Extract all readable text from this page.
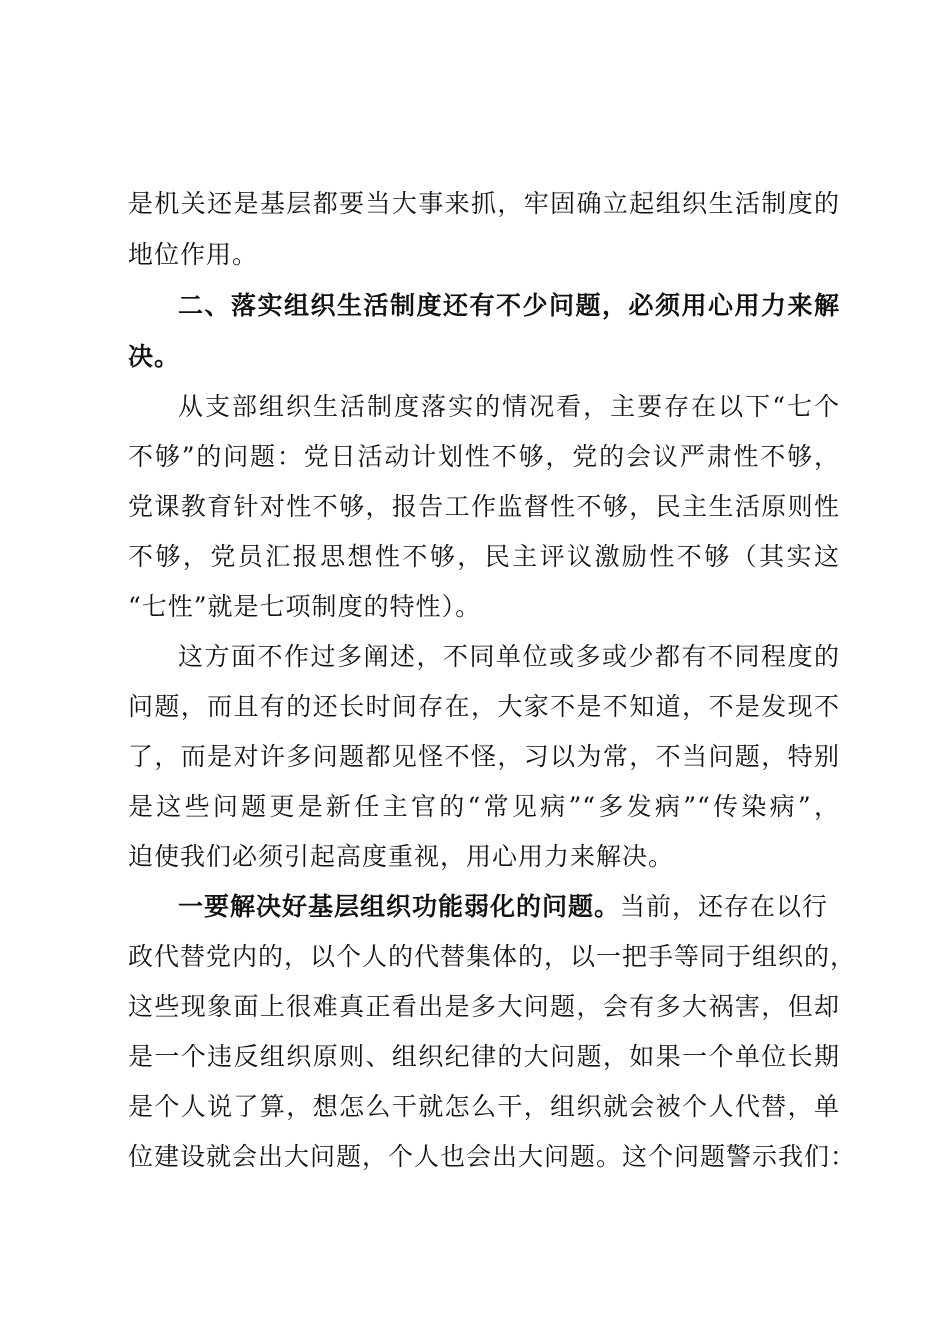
是机关还是基层都要当大事来抓，牢固确立起组织生活制度的
地位作用。
二、落实组织生活制度还有不少问题，必须用心用力来解
决。
从支部组织生活制度落实的情况看，主要存在以下“七个
不够”的问题：党日活动计划性不够，党的会议严肃性不够，
党课教育针对性不够，报告工作监督性不够，民主生活原则性
不够，党员汇报思想性不够，民主评议激励性不够（其实这
“七性”就是七项制度的特性）。
这方面不作过多阐述，不同单位或多或少都有不同程度的
问题，而且有的还长时间存在，大家不是不知道，不是发现不
了，而是对许多问题都见怪不怪，习以为常，不当问题，特别
是这些问题更是新任主官的“常见病”“多发病”“传染病”，
迫使我们必须引起高度重视，用心用力来解决。
一要解决好基层组织功能弱化的问题。当前，还存在以行
政代替党内的，以个人的代替集体的，以一把手等同于组织的，
这些现象面上很难真正看出是多大问题，会有多大祸害，但却
是一个违反组织原则、组织纪律的大问题，如果一个单位长期
是个人说了算，想怎么干就怎么干，组织就会被个人代替，单
位建设就会出大问题，个人也会出大问题。这个问题警示我们：
